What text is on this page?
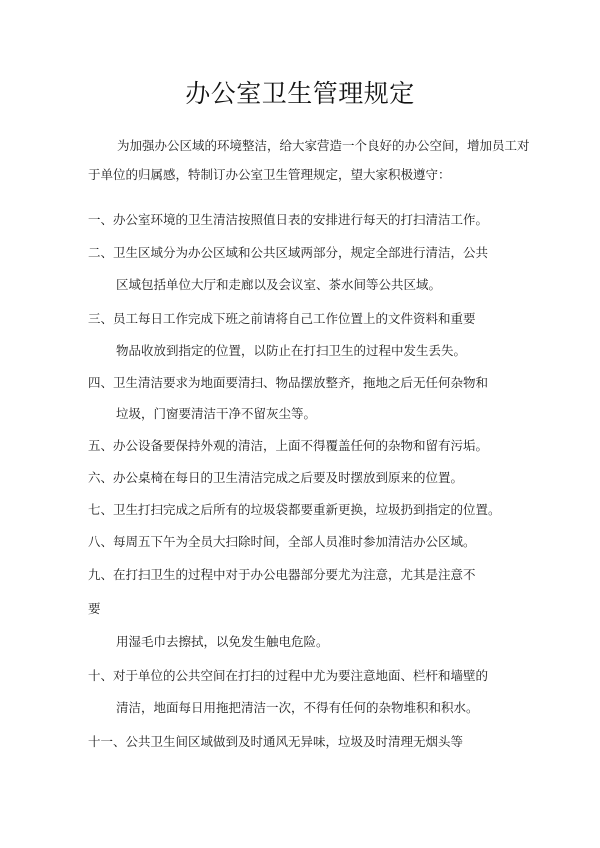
办公室卫生管理规定

为加强办公区域的环境整洁，给大家营造一个良好的办公空间，增加员工对

于单位的归属感，特制订办公室卫生管理规定，望大家积极遵守：

一、办公室环境的卫生清洁按照值日表的安排进行每天的打扫清洁工作。

二、卫生区域分为办公区域和公共区域两部分，规定全部进行清洁，公共

区域包括单位大厅和走廊以及会议室、茶水间等公共区域。

三、员工每日工作完成下班之前请将自己工作位置上的文件资料和重要

物品收放到指定的位置，以防止在打扫卫生的过程中发生丢失。

四、卫生清洁要求为地面要清扫、物品摆放整齐，拖地之后无任何杂物和

垃圾，门窗要清洁干净不留灰尘等。

五、办公设备要保持外观的清洁，上面不得覆盖任何的杂物和留有污垢。

六、办公桌椅在每日的卫生清洁完成之后要及时摆放到原来的位置。

七、卫生打扫完成之后所有的垃圾袋都要重新更换，垃圾扔到指定的位置。

八、每周五下午为全员大扫除时间，全部人员准时参加清洁办公区域。

九、在打扫卫生的过程中对于办公电器部分要尤为注意，尤其是注意不

要

用湿毛巾去擦拭，以免发生触电危险。

十、对于单位的公共空间在打扫的过程中尤为要注意地面、栏杆和墙壁的

清洁，地面每日用拖把清洁一次，不得有任何的杂物堆积和积水。

十一、公共卫生间区域做到及时通风无异味，垃圾及时清理无烟头等
